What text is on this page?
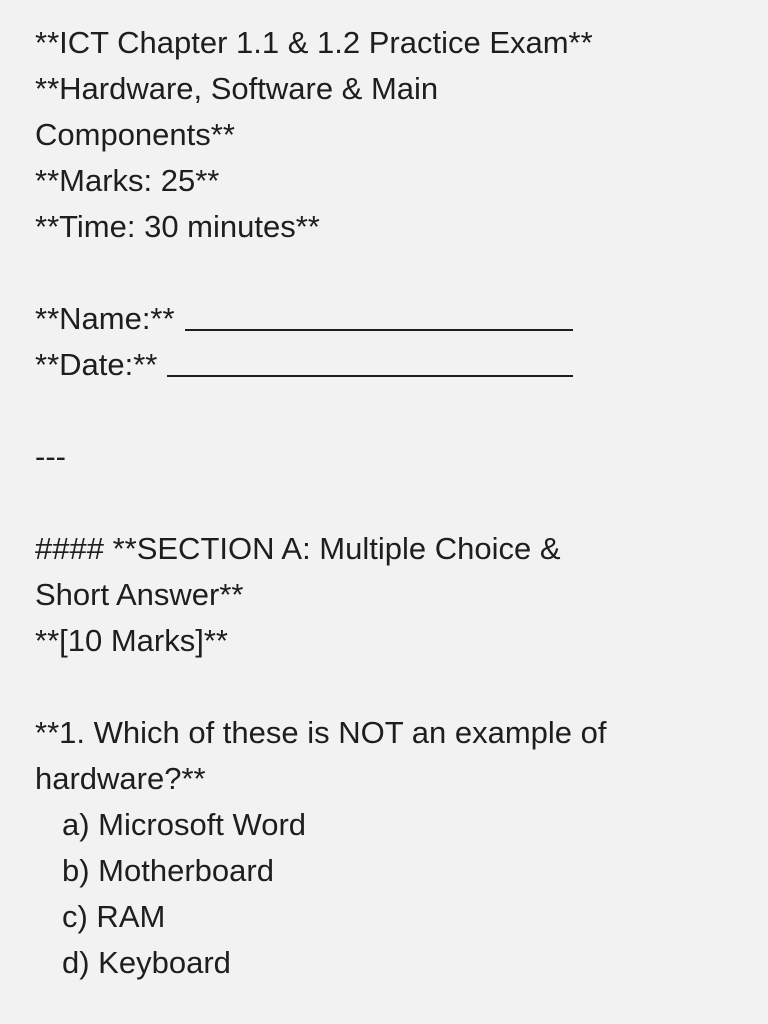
**ICT Chapter 1.1 & 1.2 Practice Exam**
**Hardware, Software & Main
Components**
**Marks: 25**
**Time: 30 minutes**
**Name:**
**Date:**
---
#### **SECTION A: Multiple Choice &
Short Answer**
**[10 Marks]**
**1. Which of these is NOT an example of
hardware?**
a) Microsoft Word
b) Motherboard
c) RAM
d) Keyboard
